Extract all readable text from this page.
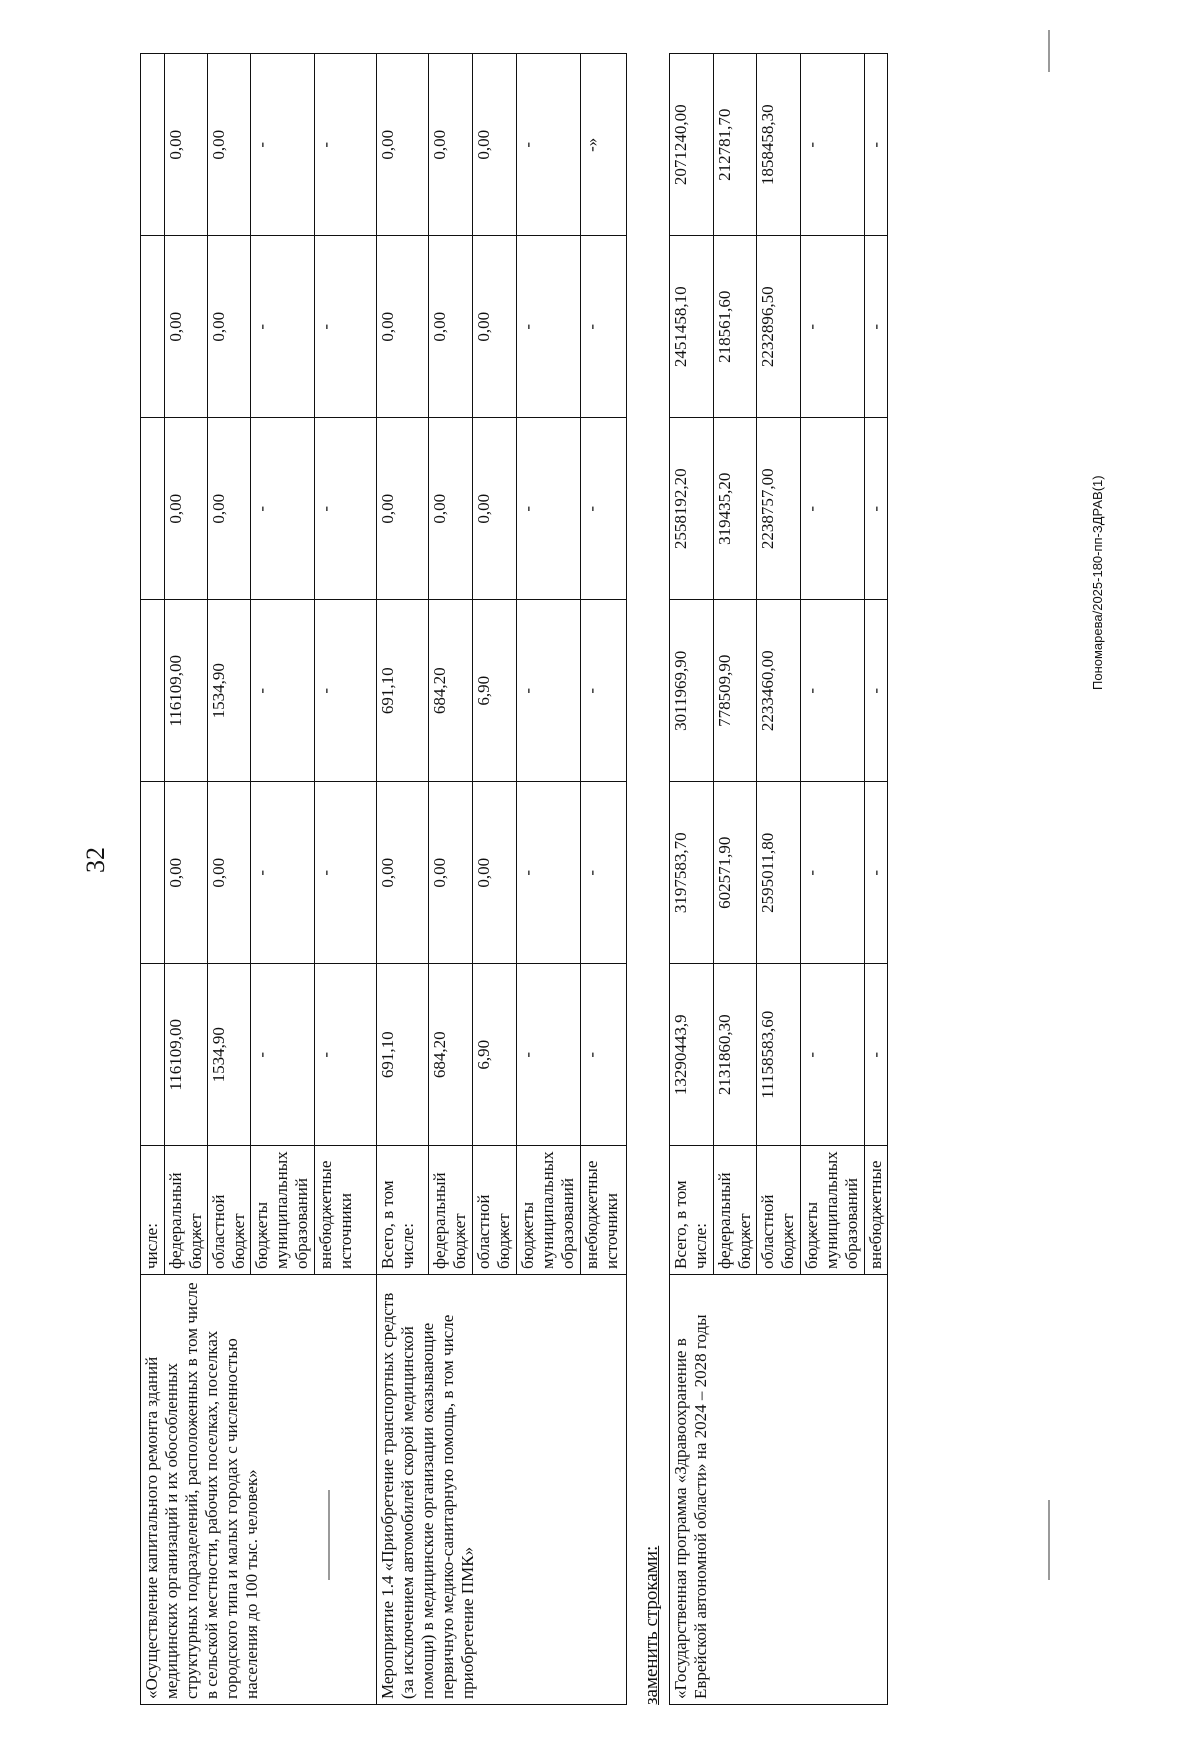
32
Пономарева/2025-180-пп-ЗДРАВ(1)
«Осуществление капитального ремонта зданий медицинских организаций и их обособленных структурных подразделений, расположенных в том числе в сельской местности, рабочих поселках, поселках городского типа и малых городах с численностью населения до 100 тыс. человек»	числе:						
	федеральный бюджет	116109,00	0,00	116109,00	0,00	0,00	0,00
	областной бюджет	1534,90	0,00	1534,90	0,00	0,00	0,00
	бюджеты муниципальных образований	-	-	-	-	-	-
	внебюджетные источники	-	-	-	-	-	-
Мероприятие 1.4 «Приобретение транспортных средств (за исключением автомобилей скорой медицинской помощи) в медицинские организации оказывающие первичную медико-санитарную помощь, в том числе приобретение ПМК»	Всего, в том числе:	691,10	0,00	691,10	0,00	0,00	0,00
	федеральный бюджет	684,20	0,00	684,20	0,00	0,00	0,00
	областной бюджет	6,90	0,00	6,90	0,00	0,00	0,00
	бюджеты муниципальных образований	-	-	-	-	-	-
	внебюджетные источники	-	-	-	-	-	-»
заменить строками: «Государственная программа «Здравоохранение в Еврейской автономной области» на 2024 – 2028 годы	Всего, в том числе:	13290443,9	3197583,70	3011969,90	2558192,20	2451458,10	2071240,00
	федеральный бюджет	2131860,30	602571,90	778509,90	319435,20	218561,60	212781,70
	областной бюджет	11158583,60	2595011,80	2233460,00	2238757,00	2232896,50	1858458,30
	бюджеты муниципальных образований	-	-	-	-	-	-
	внебюджетные	-	-	-	-	-	-
